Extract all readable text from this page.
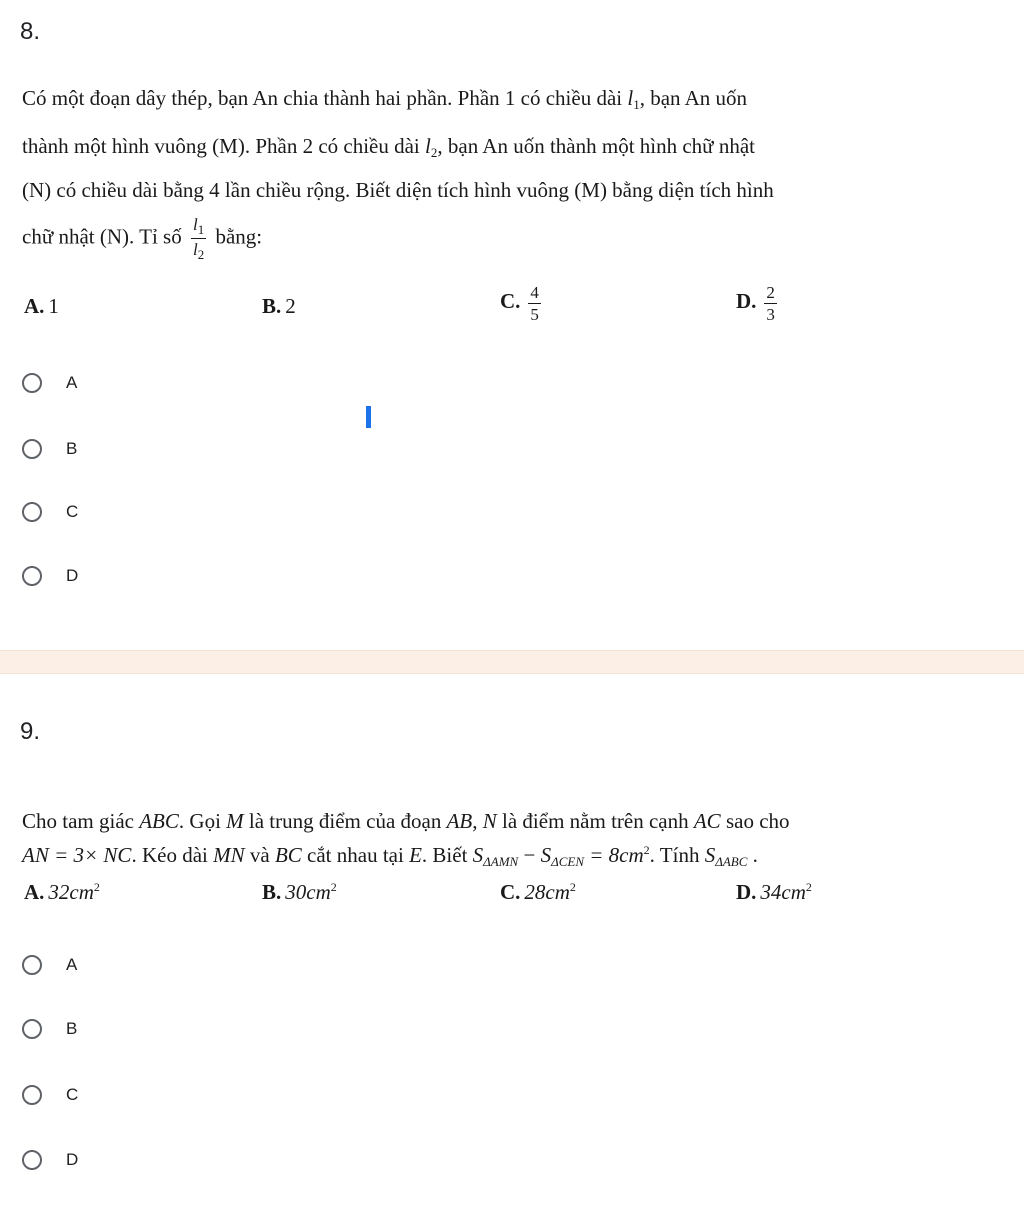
8.
Có một đoạn dây thép, bạn An chia thành hai phần. Phần 1 có chiều dài $l_1$, bạn An uốn
thành một hình vuông (M). Phần 2 có chiều dài $l_2$, bạn An uốn thành một hình chữ nhật
(N) có chiều dài bằng 4 lần chiều rộng. Biết diện tích hình vuông (M) bằng diện tích hình
chữ nhật (N). Tỉ số $\frac{l_1}{l_2}$ bằng:
A. 1	B. 2	C. $\frac{4}{5}$	D. $\frac{2}{3}$
A
B
C
D
9.
Cho tam giác ABC. Gọi M là trung điểm của đoạn AB, N là điểm nằm trên cạnh AC sao cho
AN = 3× NC. Kéo dài MN và BC cắt nhau tại E. Biết $S_{\Delta AMN} - S_{\Delta CEN} = 8cm^2$. Tính $S_{\Delta ABC}$ .
A. $32cm^2$	B. $30cm^2$	C. $28cm^2$	D. $34cm^2$
A
B
C
D
